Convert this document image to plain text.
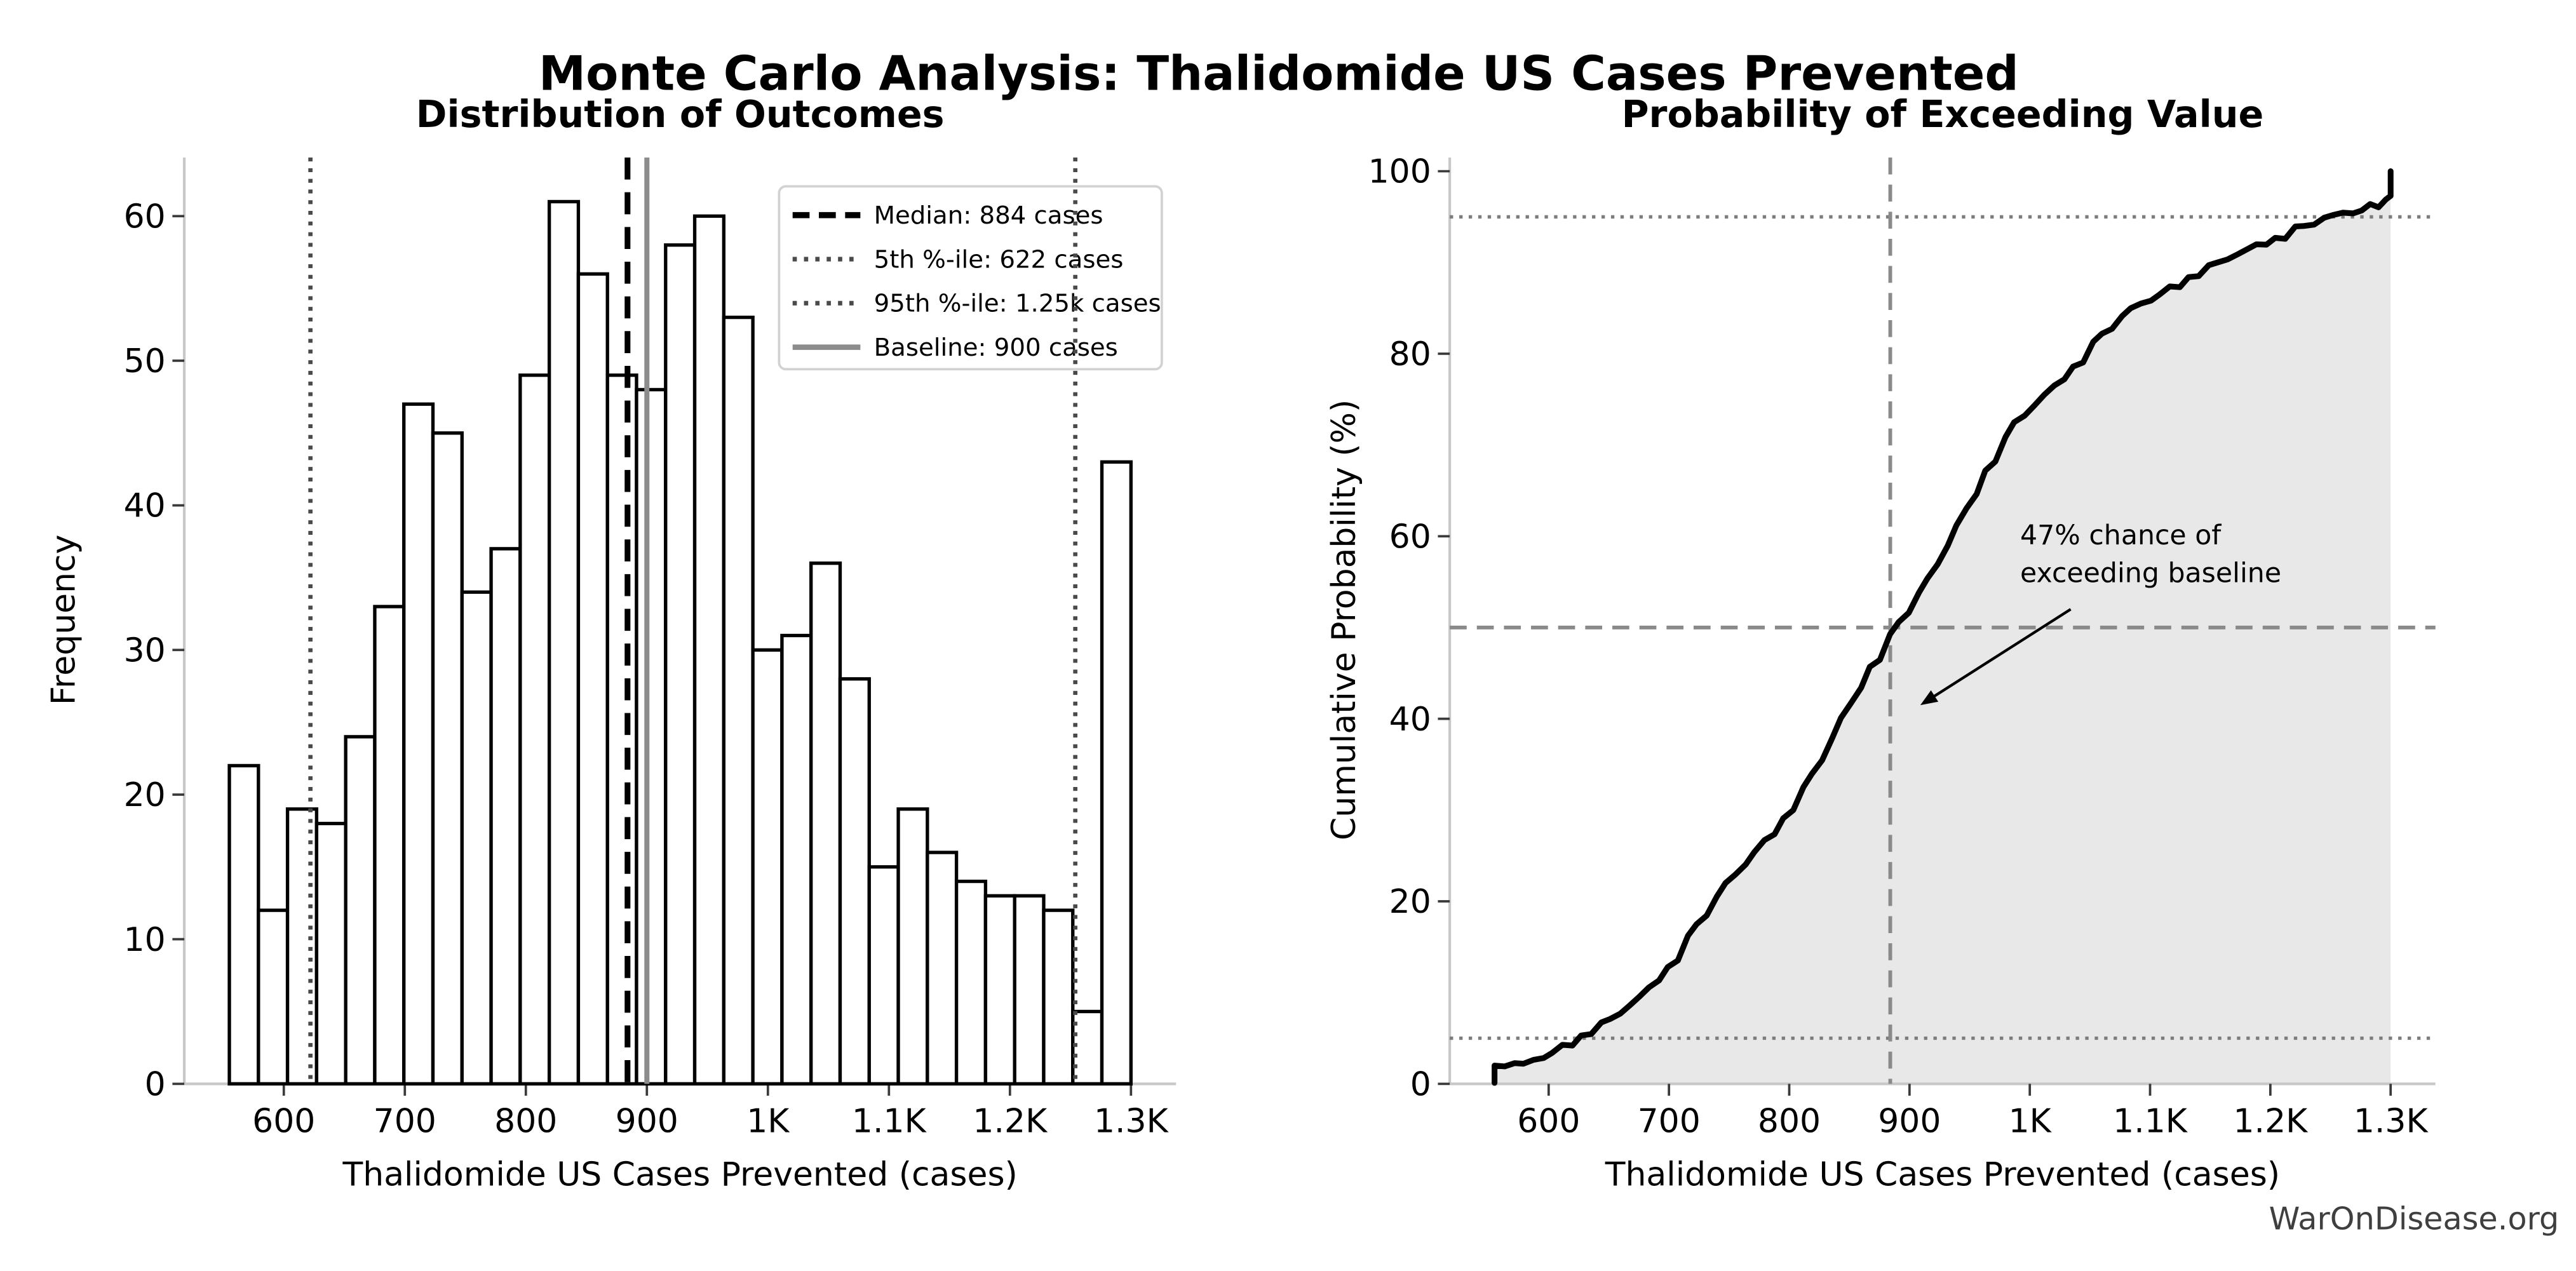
600	700	800	900	1K	1.1K	1.2K	1.3K
0
10
20
30
40
50
60	Median: 884 cases
5th %-ile: 622 cases
95th %-ile: 1.25k cases
Baseline: 900 cases
600	700	800	900	1K	1.1K	1.2K	1.3K
0
20
40
60
80
100
Monte Carlo Analysis: Thalidomide US Cases Prevented
Distribution of Outcomes	Probability of Exceeding Value
Thalidomide US Cases Prevented (cases)	Thalidomide US Cases Prevented (cases)
Frequency	Cumulative Probability (%)	47% chance of
exceeding baseline
WarOnDisease.org
